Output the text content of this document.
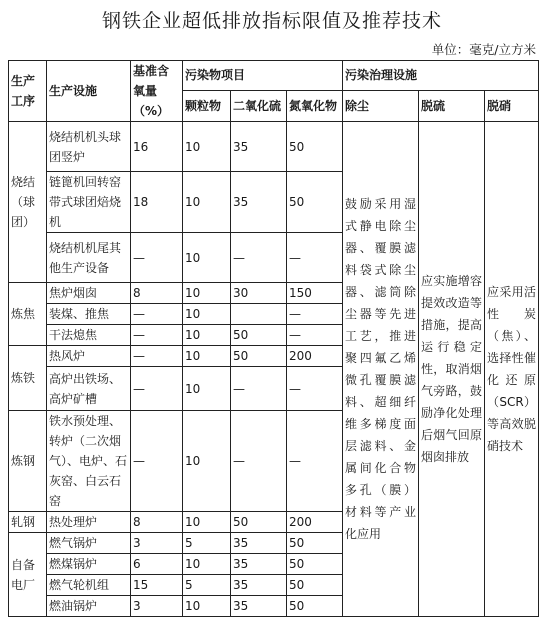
钢铁企业超低排放指标限值及推荐技术
单位：毫克/立方米
生产工序	生产设施	基准含氧量（%）	污染物项目			污染治理设施		
			颗粒物	二氧化硫	氮氧化物	除尘	脱硫	脱硝
烧结（球团）	烧结机机头球团竖炉	16	10	35	50	鼓励采用湿式静电除尘器、覆膜滤料袋式除尘器、滤筒除尘器等先进工艺，推进聚四氟乙烯微孔覆膜滤料、超细纤维多梯度面层滤料、金属间化合物多孔（膜）材料等产业化应用	应实施增容提效改造等措施，提高运行稳定性，取消烟气旁路，鼓励净化处理后烟气回原烟囱排放	应采用活性炭（焦）、选择性催化还原（SCR）等高效脱硝技术
	链篦机回转窑带式球团焙烧机	18	10	35	50			
	烧结机机尾其他生产设备	—	10	—	—			
炼焦	焦炉烟囱	8	10	30	150			
	装煤、推焦	—	10		—			
	干法熄焦	—	10	50	—			
炼铁	热风炉	—	10	50	200			
	高炉出铁场、高炉矿槽	—	10	—	—			
炼钢	铁水预处理、转炉（二次烟气）、电炉、石灰窑、白云石窑	—	10	—	—			
轧钢	热处理炉	8	10	50	200			
自备电厂	燃气锅炉	3	5	35	50			
	燃煤锅炉	6	10	35	50			
	燃气轮机组	15	5	35	50			
	燃油锅炉	3	10	35	50			
